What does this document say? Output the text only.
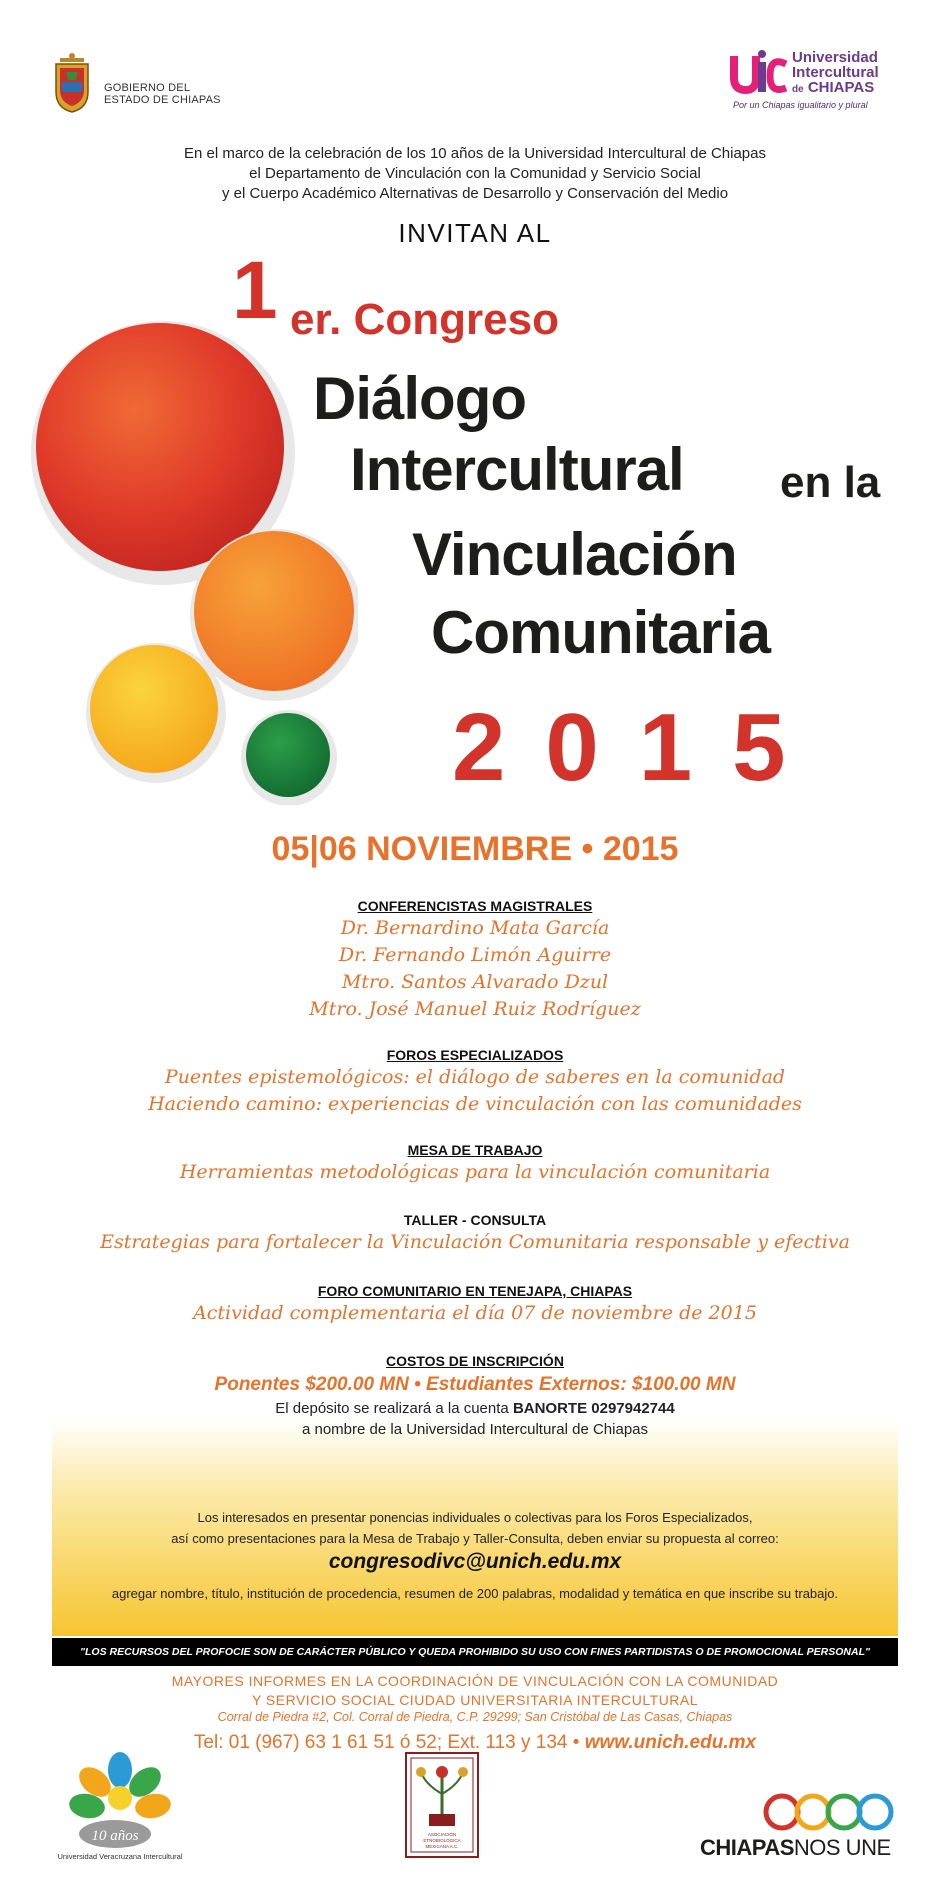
GOBIERNO DEL
ESTADO DE CHIAPAS
Universidad
Intercultural
de CHIAPAS
Por un Chiapas igualitario y plural
En el marco de la celebración de los 10 años de la Universidad Intercultural de Chiapas
el Departamento de Vinculación con la Comunidad y Servicio Social
y el Cuerpo Académico Alternativas de Desarrollo y Conservación del Medio
INVITAN AL
1 er. Congreso
Diálogo
Intercultural en la
Vinculación
Comunitaria
2015
05|06 NOVIEMBRE • 2015
CONFERENCISTAS MAGISTRALES
Dr. Bernardino Mata García
Dr. Fernando Limón Aguirre
Mtro. Santos Alvarado Dzul
Mtro. José Manuel Ruiz Rodríguez
FOROS ESPECIALIZADOS
Puentes epistemológicos: el diálogo de saberes en la comunidad
Haciendo camino: experiencias de vinculación con las comunidades
MESA DE TRABAJO
Herramientas metodológicas para la vinculación comunitaria
TALLER - CONSULTA
Estrategias para fortalecer la Vinculación Comunitaria responsable y efectiva
FORO COMUNITARIO EN TENEJAPA, CHIAPAS
Actividad complementaria el día 07 de noviembre de 2015
COSTOS DE INSCRIPCIÓN
Ponentes $200.00 MN • Estudiantes Externos: $100.00 MN
El depósito se realizará a la cuenta BANORTE 0297942744
a nombre de la Universidad Intercultural de Chiapas
Los interesados en presentar ponencias individuales o colectivas para los Foros Especializados,
así como presentaciones para la Mesa de Trabajo y Taller-Consulta, deben enviar su propuesta al correo:
congresodivc@unich.edu.mx
agregar nombre, título, institución de procedencia, resumen de 200 palabras, modalidad y temática en que inscribe su trabajo.
"LOS RECURSOS DEL PROFOCIE SON DE CARÁCTER PÚBLICO Y QUEDA PROHIBIDO SU USO CON FINES PARTIDISTAS O DE PROMOCIONAL PERSONAL"
MAYORES INFORMES EN LA COORDINACIÓN DE VINCULACIÓN CON LA COMUNIDAD
Y SERVICIO SOCIAL CIUDAD UNIVERSITARIA INTERCULTURAL
Corral de Piedra #2, Col. Corral de Piedra, C.P. 29299; San Cristóbal de Las Casas, Chiapas
Tel: 01 (967) 63 1 61 51 ó 52; Ext. 113 y 134 • www.unich.edu.mx
10 años
Universidad Veracruzana Intercultural
ASOCIACIÓN
ETNOBIOLÓGICA
MEXICANA A.C.	CHIAPASNOS UNE
